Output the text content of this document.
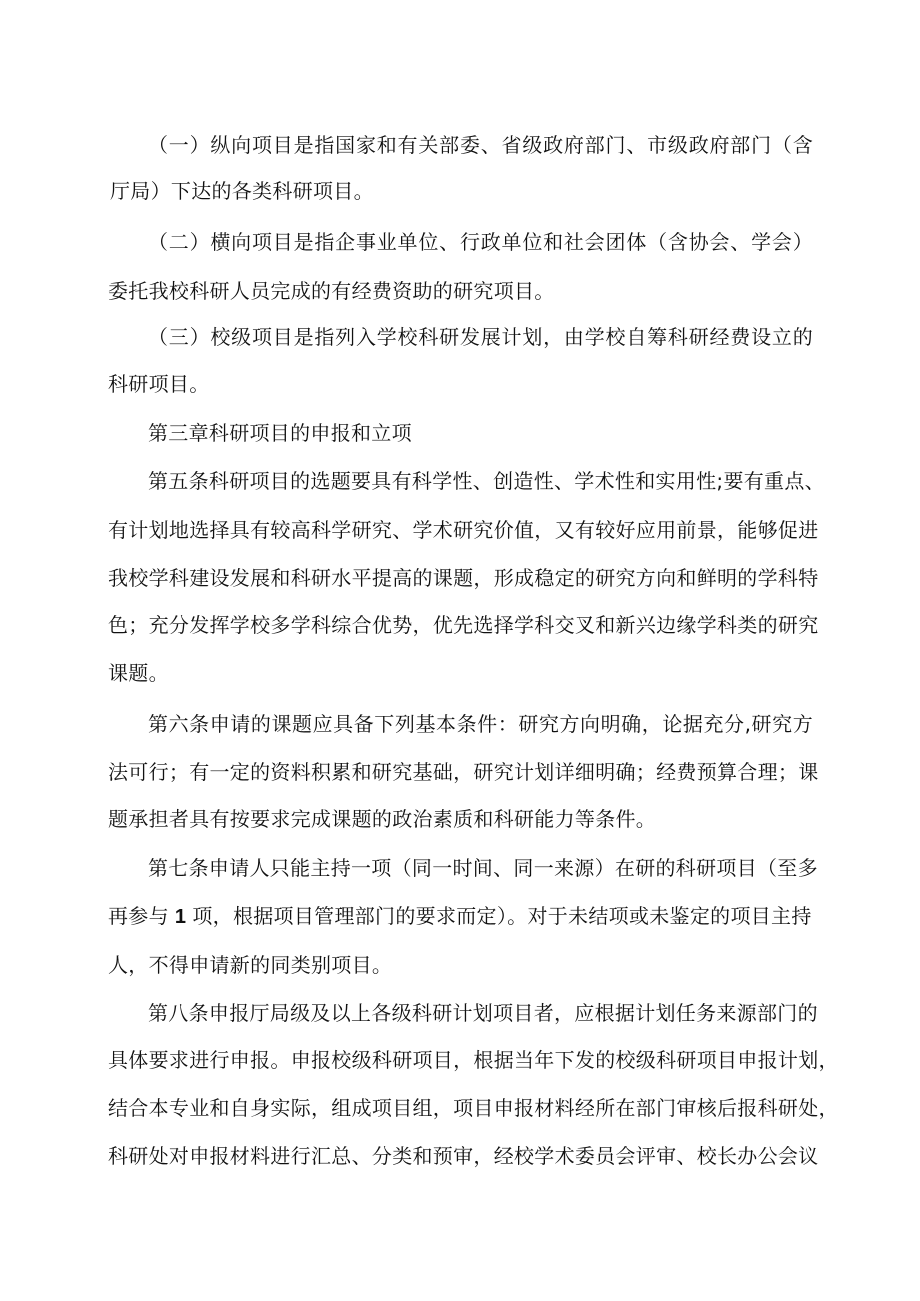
（一）纵向项目是指国家和有关部委、省级政府部门、市级政府部门（含
厅局）下达的各类科研项目。
（二）横向项目是指企事业单位、行政单位和社会团体（含协会、学会）
委托我校科研人员完成的有经费资助的研究项目。
（三）校级项目是指列入学校科研发展计划，由学校自筹科研经费设立的
科研项目。
第三章科研项目的申报和立项
第五条科研项目的选题要具有科学性、创造性、学术性和实用性;要有重点、
有计划地选择具有较高科学研究、学术研究价值，又有较好应用前景，能够促进
我校学科建设发展和科研水平提高的课题，形成稳定的研究方向和鲜明的学科特
色；充分发挥学校多学科综合优势，优先选择学科交叉和新兴边缘学科类的研究
课题。
第六条申请的课题应具备下列基本条件：研究方向明确，论据充分,研究方
法可行；有一定的资料积累和研究基础，研究计划详细明确；经费预算合理；课
题承担者具有按要求完成课题的政治素质和科研能力等条件。
第七条申请人只能主持一项（同一时间、同一来源）在研的科研项目（至多
再参与 1 项，根据项目管理部门的要求而定）。对于未结项或未鉴定的项目主持
人，不得申请新的同类别项目。
第八条申报厅局级及以上各级科研计划项目者，应根据计划任务来源部门的
具体要求进行申报。申报校级科研项目，根据当年下发的校级科研项目申报计划，
结合本专业和自身实际，组成项目组，项目申报材料经所在部门审核后报科研处，
科研处对申报材料进行汇总、分类和预审，经校学术委员会评审、校长办公会议
